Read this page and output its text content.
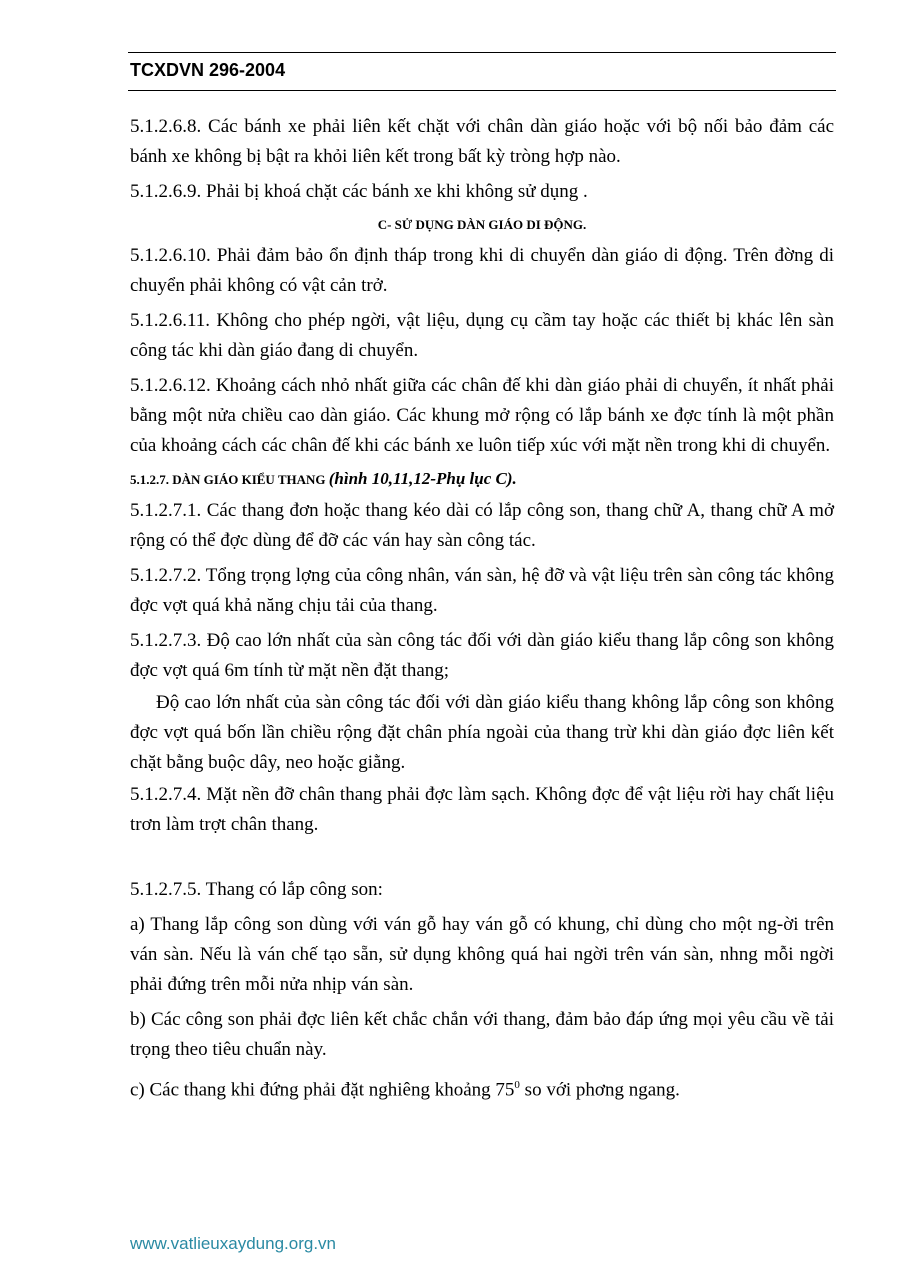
TCXDVN 296-2004

5.1.2.6.8. Các bánh xe phải liên kết chặt với chân dàn giáo hoặc với bộ nối bảo đảm các bánh xe không bị bật ra khỏi liên kết trong bất kỳ tròng hợp nào.

5.1.2.6.9. Phải bị khoá chặt các bánh xe khi không sử dụng .

C- SỬ DỤNG DÀN GIÁO DI ĐỘNG.

5.1.2.6.10. Phải đảm bảo ổn định tháp trong khi di chuyển dàn giáo di động. Trên đờng di chuyển phải không có vật cản trở.

5.1.2.6.11. Không cho phép ngời, vật liệu, dụng cụ cầm tay hoặc các thiết bị khác lên sàn công tác khi dàn giáo đang di chuyển.

5.1.2.6.12. Khoảng cách nhỏ nhất giữa các chân đế khi dàn giáo phải di chuyển, ít nhất phải bằng một nửa chiều cao dàn giáo. Các khung mở rộng có lắp bánh xe đợc tính là một phần của khoảng cách các chân đế khi các bánh xe luôn tiếp xúc với mặt nền trong khi di chuyển.

5.1.2.7. DÀN GIÁO KIỂU THANG (hình 10,11,12-Phụ lục C).

5.1.2.7.1. Các thang đơn hoặc thang kéo dài có lắp công son, thang chữ A, thang chữ A mở rộng có thể đợc dùng để đỡ các ván hay sàn công tác.

5.1.2.7.2. Tổng trọng lợng của công nhân, ván sàn, hệ đỡ và vật liệu trên sàn công tác không đợc vợt quá khả năng chịu tải của thang.

5.1.2.7.3. Độ cao lớn nhất của sàn công tác đối với dàn giáo kiểu thang lắp công son không đợc vợt quá 6m tính từ mặt nền đặt thang;

Độ cao lớn nhất của sàn công tác đối với dàn giáo kiểu thang không lắp công son không đợc vợt quá bốn lần chiều rộng đặt chân phía ngoài của thang trừ khi dàn giáo đợc liên kết chặt bằng buộc dây, neo hoặc giằng.

5.1.2.7.4. Mặt nền đỡ chân thang phải đợc làm sạch. Không đợc để vật liệu rời hay chất liệu trơn làm trợt chân thang.

5.1.2.7.5. Thang có lắp công son:

a) Thang lắp công son dùng với ván gỗ hay ván gỗ có khung, chỉ dùng cho một ng-ời trên ván sàn. Nếu là ván chế tạo sẵn, sử dụng không quá hai ngời trên ván sàn, nhng mỗi ngời phải đứng trên mỗi nửa nhịp ván sàn.

b) Các công son phải đợc liên kết chắc chắn với thang, đảm bảo đáp ứng mọi yêu cầu về tải trọng theo tiêu chuẩn này.

c) Các thang khi đứng phải đặt nghiêng khoảng $75^0$ so với phơng ngang.

www.vatlieuxaydung.org.vn
